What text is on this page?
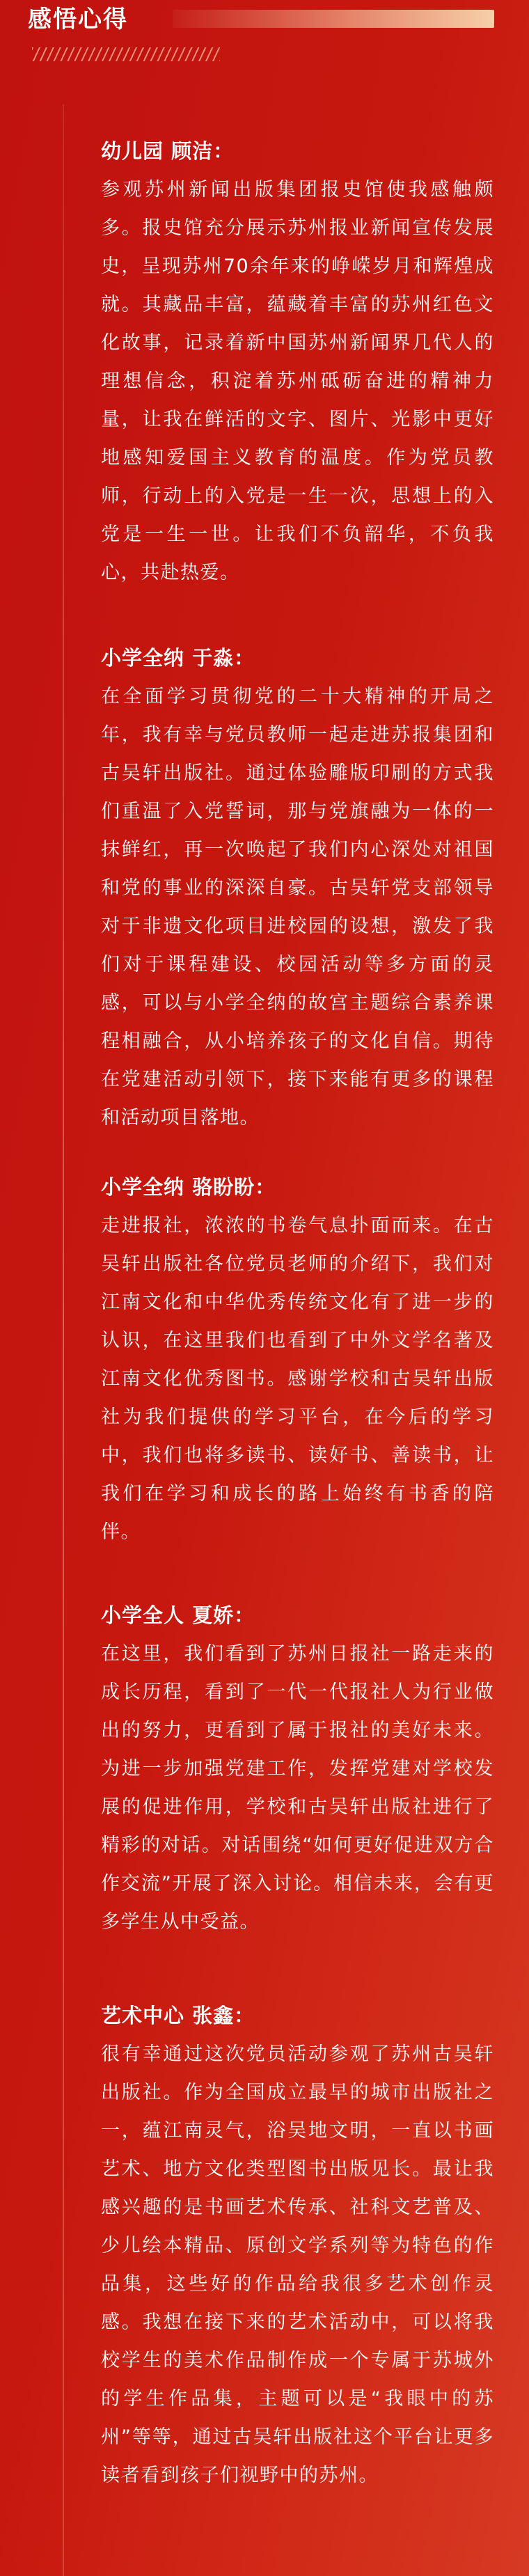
感悟心得

幼儿园 顾洁：

参观苏州新闻出版集团报史馆使我感触颇多。报史馆充分展示苏州报业新闻宣传发展史，呈现苏州70余年来的峥嵘岁月和辉煌成就。其藏品丰富，蕴藏着丰富的苏州红色文化故事，记录着新中国苏州新闻界几代人的理想信念，积淀着苏州砥砺奋进的精神力量，让我在鲜活的文字、图片、光影中更好地感知爱国主义教育的温度。作为党员教师，行动上的入党是一生一次，思想上的入党是一生一世。让我们不负韶华，不负我心，共赴热爱。

小学全纳 于淼：

在全面学习贯彻党的二十大精神的开局之年，我有幸与党员教师一起走进苏报集团和古吴轩出版社。通过体验雕版印刷的方式我们重温了入党誓词，那与党旗融为一体的一抹鲜红，再一次唤起了我们内心深处对祖国和党的事业的深深自豪。古吴轩党支部领导对于非遗文化项目进校园的设想，激发了我们对于课程建设、校园活动等多方面的灵感，可以与小学全纳的故宫主题综合素养课程相融合，从小培养孩子的文化自信。期待在党建活动引领下，接下来能有更多的课程和活动项目落地。

小学全纳 骆盼盼：

走进报社，浓浓的书卷气息扑面而来。在古吴轩出版社各位党员老师的介绍下，我们对江南文化和中华优秀传统文化有了进一步的认识，在这里我们也看到了中外文学名著及江南文化优秀图书。感谢学校和古吴轩出版社为我们提供的学习平台，在今后的学习中，我们也将多读书、读好书、善读书，让我们在学习和成长的路上始终有书香的陪伴。

小学全人 夏娇：

在这里，我们看到了苏州日报社一路走来的成长历程，看到了一代一代报社人为行业做出的努力，更看到了属于报社的美好未来。为进一步加强党建工作，发挥党建对学校发展的促进作用，学校和古吴轩出版社进行了精彩的对话。对话围绕“如何更好促进双方合作交流”开展了深入讨论。相信未来，会有更多学生从中受益。

艺术中心 张鑫：

很有幸通过这次党员活动参观了苏州古吴轩出版社。作为全国成立最早的城市出版社之一，蕴江南灵气，浴吴地文明，一直以书画艺术、地方文化类型图书出版见长。最让我感兴趣的是书画艺术传承、社科文艺普及、少儿绘本精品、原创文学系列等为特色的作品集，这些好的作品给我很多艺术创作灵感。我想在接下来的艺术活动中，可以将我校学生的美术作品制作成一个专属于苏城外的学生作品集，主题可以是“我眼中的苏州”等等，通过古吴轩出版社这个平台让更多读者看到孩子们视野中的苏州。
